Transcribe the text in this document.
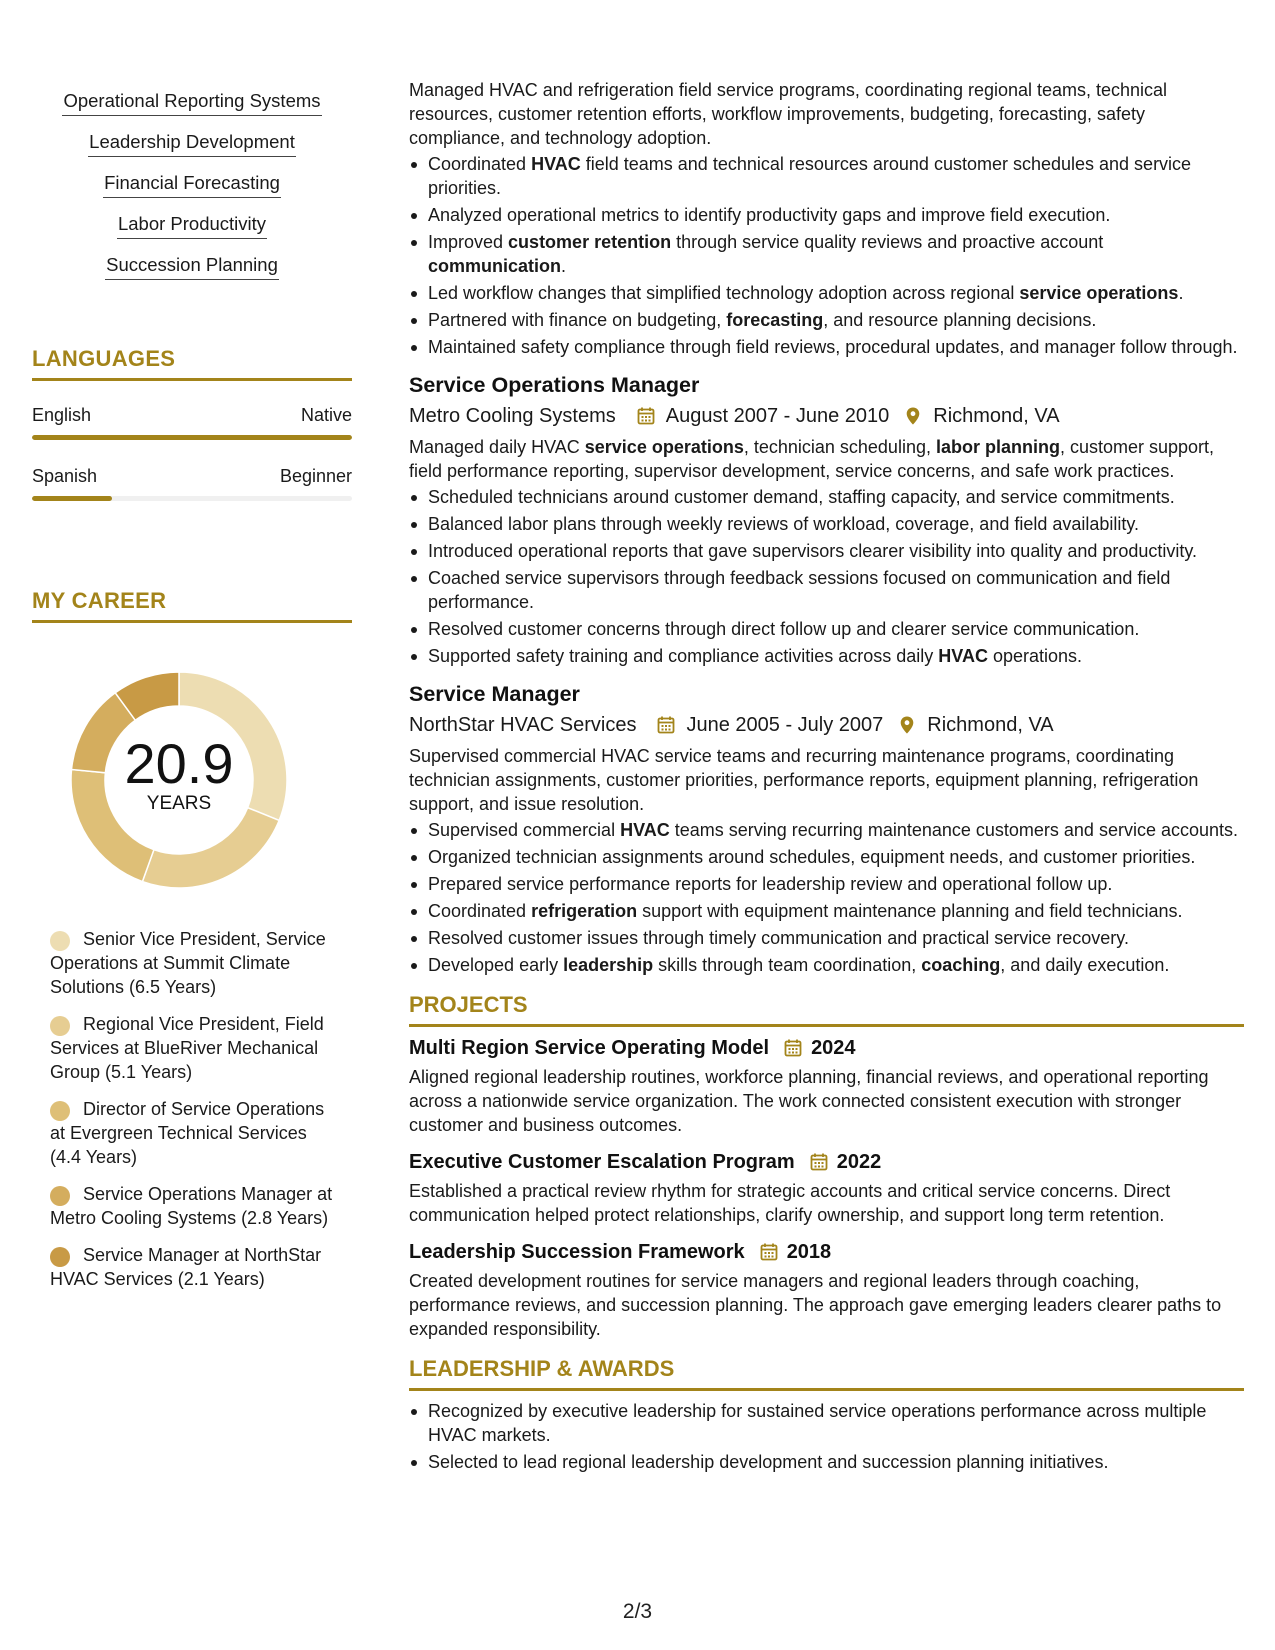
Operational Reporting Systems
Leadership Development
Financial Forecasting
Labor Productivity
Succession Planning
LANGUAGES
English	Native
Spanish	Beginner
MY CAREER
20.9
YEARS
Senior Vice President, Service Operations at Summit Climate Solutions (6.5 Years)
Regional Vice President, Field Services at BlueRiver Mechanical Group (5.1 Years)
Director of Service Operations at Evergreen Technical Services (4.4 Years)
Service Operations Manager at Metro Cooling Systems (2.8 Years)
Service Manager at NorthStar HVAC Services (2.1 Years)
Managed HVAC and refrigeration field service programs, coordinating regional teams, technical resources, customer retention efforts, workflow improvements, budgeting, forecasting, safety compliance, and technology adoption.
Coordinated HVAC field teams and technical resources around customer schedules and service priorities.
Analyzed operational metrics to identify productivity gaps and improve field execution.
Improved customer retention through service quality reviews and proactive account communication.
Led workflow changes that simplified technology adoption across regional service operations.
Partnered with finance on budgeting, forecasting, and resource planning decisions.
Maintained safety compliance through field reviews, procedural updates, and manager follow through.
Service Operations Manager
Metro Cooling Systems	August 2007 - June 2010 Richmond, VA
Managed daily HVAC service operations, technician scheduling, labor planning, customer support, field performance reporting, supervisor development, service concerns, and safe work practices.
Scheduled technicians around customer demand, staffing capacity, and service commitments.
Balanced labor plans through weekly reviews of workload, coverage, and field availability.
Introduced operational reports that gave supervisors clearer visibility into quality and productivity.
Coached service supervisors through feedback sessions focused on communication and field performance.
Resolved customer concerns through direct follow up and clearer service communication.
Supported safety training and compliance activities across daily HVAC operations.
Service Manager
NorthStar HVAC Services	June 2005 - July 2007 Richmond, VA
Supervised commercial HVAC service teams and recurring maintenance programs, coordinating technician assignments, customer priorities, performance reports, equipment planning, refrigeration support, and issue resolution.
Supervised commercial HVAC teams serving recurring maintenance customers and service accounts.
Organized technician assignments around schedules, equipment needs, and customer priorities.
Prepared service performance reports for leadership review and operational follow up.
Coordinated refrigeration support with equipment maintenance planning and field technicians.
Resolved customer issues through timely communication and practical service recovery.
Developed early leadership skills through team coordination, coaching, and daily execution.
PROJECTS
Multi Region Service Operating Model 2024
Aligned regional leadership routines, workforce planning, financial reviews, and operational reporting across a nationwide service organization. The work connected consistent execution with stronger customer and business outcomes.
Executive Customer Escalation Program 2022
Established a practical review rhythm for strategic accounts and critical service concerns. Direct communication helped protect relationships, clarify ownership, and support long term retention.
Leadership Succession Framework 2018
Created development routines for service managers and regional leaders through coaching, performance reviews, and succession planning. The approach gave emerging leaders clearer paths to expanded responsibility.
LEADERSHIP & AWARDS
Recognized by executive leadership for sustained service operations performance across multiple HVAC markets.
Selected to lead regional leadership development and succession planning initiatives.
2/3
